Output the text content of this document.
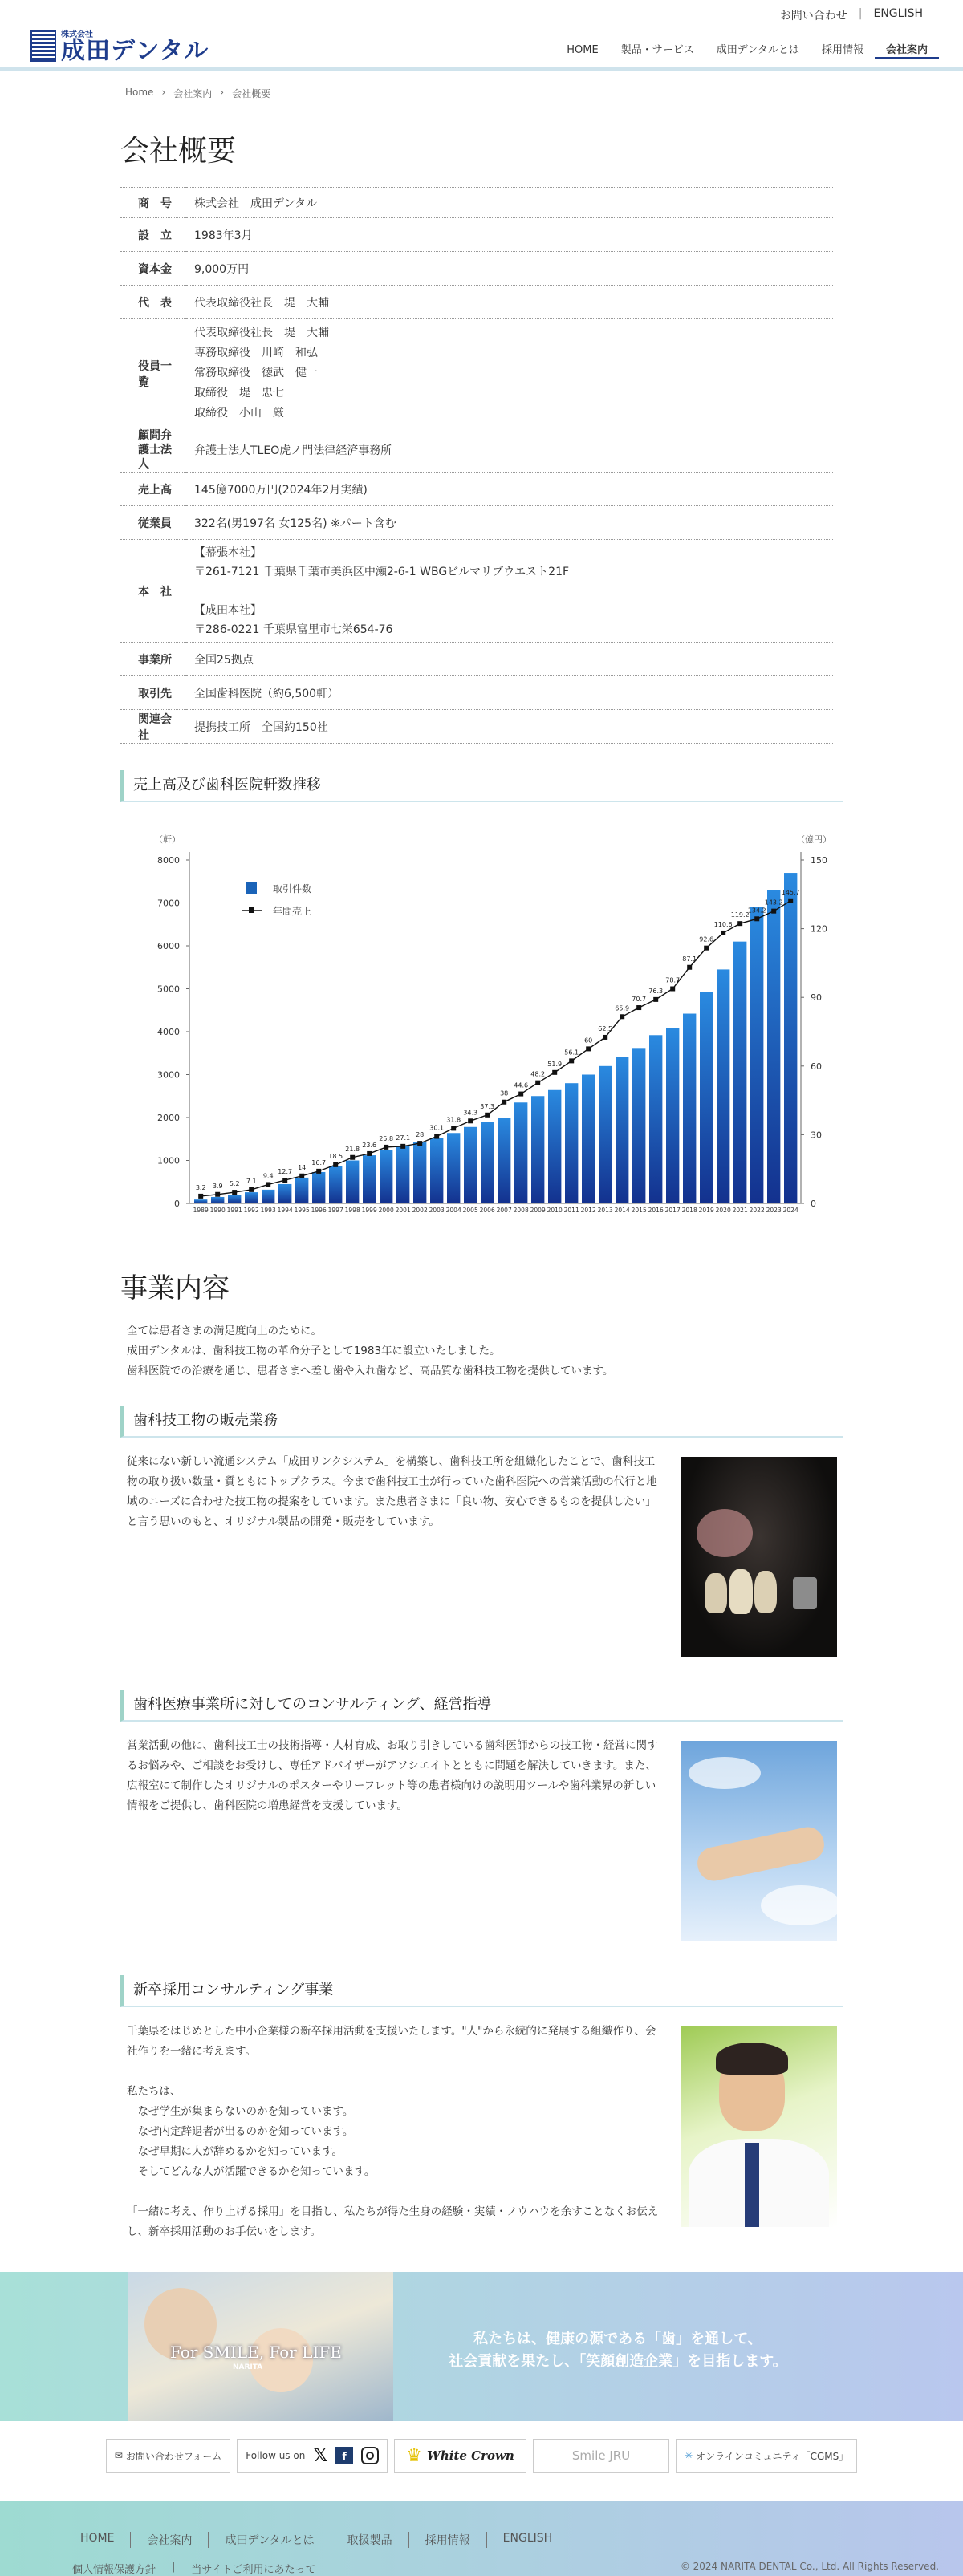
株式会社
成田デンタル
お問い合わせ | ENGLISH
HOME	製品・サービス	成田デンタルとは	採用情報	会社案内
Home › 会社案内 › 会社概要
会社概要
商　号	株式会社　成田デンタル
設　立	1983年3月
資本金	9,000万円
代　表	代表取締役社長　堤　大輔
役員一覧	代表取締役社長　堤　大輔
専務取締役　川崎　和弘
常務取締役　徳武　健一
取締役　堤　忠七
取締役　小山　厳

顧問弁護士法人	弁護士法人TLEO虎ノ門法律経済事務所
売上高	145億7000万円(2024年2月実績)
従業員	322名(男197名 女125名) ※パート含む
本　社	【幕張本社】
〒261-7121 千葉県千葉市美浜区中瀬2-6-1 WBGビルマリブウエスト21F
【成田本社】
〒286-0221 千葉県富里市七栄654-76

事業所	全国25拠点
取引先	全国歯科医院（約6,500軒）
関連会社	提携技工所　全国約150社
売上高及び歯科医院軒数推移
（軒）	（億円）
0
1000
2000
3000
4000
5000
6000
7000
8000
0
30
60
90
120
150
1989 1990 1991 1992 1993 1994 1995 1996 1997 1998 1999 2000 2001 2002 2003 2004 2005 2006 2007 2008 2009 2010 2011 2012 2013 2014 2015 2016 2017 2018 2019 2020 2021 2022 2023 2024
3.2 3.9 5.2 7.1
9.4
12.7
14
16.7
18.5
21.8
23.6
25.8 27.1 28
30.1
31.8
34.3
37.3
38
44.6
48.2
51.9
56.1
60
62.5
65.9
70.7
76.3
78.7
87.1
92.6
110.6
119.2
134.2
143.2
145.7
取引件数
年間売上
事業内容
全ては患者さまの満足度向上のために。
成田デンタルは、歯科技工物の革命分子として1983年に設立いたしました。
歯科医院での治療を通じ、患者さまへ差し歯や入れ歯など、高品質な歯科技工物を提供しています。
歯科技工物の販売業務
従来にない新しい流通システム「成田リンクシステム」を構築し、歯科技工所を組織化したことで、歯科技工物の取り扱い数量・質ともにトップクラス。今まで歯科技工士が行っていた歯科医院への営業活動の代行と地域のニーズに合わせた技工物の提案をしています。また患者さまに「良い物、安心できるものを提供したい」と言う思いのもと、オリジナル製品の開発・販売をしています。
歯科医療事業所に対してのコンサルティング、経営指導
営業活動の他に、歯科技工士の技術指導・人材育成、お取り引きしている歯科医師からの技工物・経営に関するお悩みや、ご相談をお受けし、専任アドバイザーがアソシエイトとともに問題を解決していきます。また、広報室にて制作したオリジナルのポスターやリーフレット等の患者様向けの説明用ツールや歯科業界の新しい情報をご提供し、歯科医院の増患経営を支援しています。
新卒採用コンサルティング事業
千葉県をはじめとした中小企業様の新卒採用活動を支援いたします。"人"から永続的に発展する組織作り、会社作りを一緒に考えます。
私たちは、
　なぜ学生が集まらないのかを知っています。
　なぜ内定辞退者が出るのかを知っています。
　なぜ早期に人が辞めるかを知っています。
　そしてどんな人が活躍できるかを知っています。
「一緒に考え、作り上げる採用」を目指し、私たちが得た生身の経験・実績・ノウハウを余すことなくお伝えし、新卒採用活動のお手伝いをします。
For SMILE, For LIFE
NARITA
私たちは、健康の源である「歯」を通して、
社会貢献を果たし、「笑顔創造企業」を目指します。
✉ お問い合わせフォーム	Follow us on 𝕏	f	♛ White Crown	Smile JRU	✳ オンラインコミュニティ「CGMS」
HOME	会社案内	成田デンタルとは	取扱製品	採用情報	ENGLISH
個人情報保護方針	|	当サイトご利用にあたって	© 2024 NARITA DENTAL Co., Ltd. All Rights Reserved.
